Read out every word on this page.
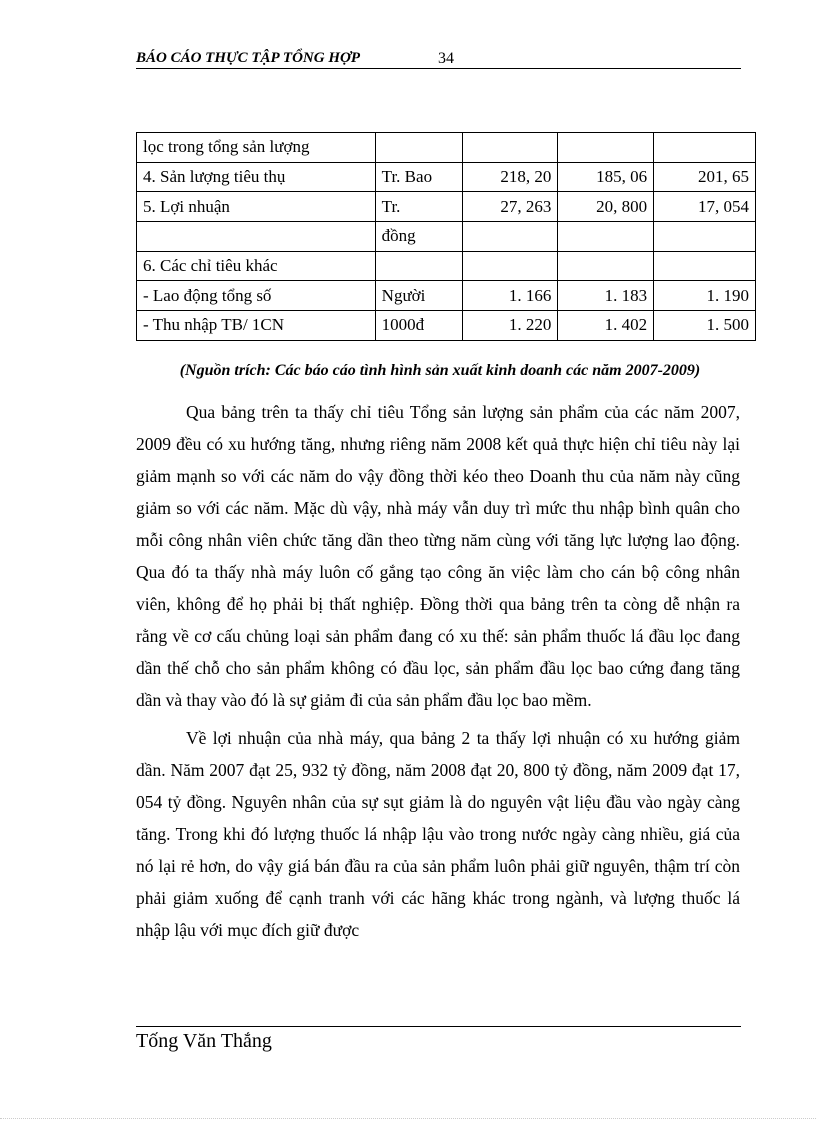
BÁO CÁO THỰC TẬP TỔNG HỢP	34
lọc trong tổng sản lượng				
4. Sản lượng tiêu thụ	Tr. Bao	218, 20	185, 06	201, 65
5. Lợi nhuận	Tr.	27, 263	20, 800	17, 054
	đồng			
6. Các chỉ tiêu khác				
- Lao động tổng số	Người	1. 166	1. 183	1. 190
- Thu nhập TB/ 1CN	1000đ	1. 220	1. 402	1. 500
(Nguồn trích: Các báo cáo tình hình sản xuất kinh doanh các năm 2007-2009)

Qua bảng trên ta thấy chỉ tiêu Tổng sản lượng sản phẩm của các năm 2007, 2009 đều có xu hướng tăng, nhưng riêng năm 2008 kết quả thực hiện chỉ tiêu này lại giảm mạnh so với các năm do vậy đồng thời kéo theo Doanh thu của năm này cũng giảm so với các năm. Mặc dù vậy, nhà máy vẫn duy trì mức thu nhập bình quân cho mỗi công nhân viên chức tăng dần theo từng năm cùng với tăng lực lượng lao động. Qua đó ta thấy nhà máy luôn cố gắng tạo công ăn việc làm cho cán bộ công nhân viên, không để họ phải bị thất nghiệp. Đồng thời qua bảng trên ta còng dễ nhận ra rằng về cơ cấu chủng loại sản phẩm đang có xu thế: sản phẩm thuốc lá đầu lọc đang dần thế chỗ cho sản phẩm không có đầu lọc, sản phẩm đầu lọc bao cứng đang tăng dần và thay vào đó là sự giảm đi của sản phẩm đầu lọc bao mềm.

Về lợi nhuận của nhà máy, qua bảng 2 ta thấy lợi nhuận có xu hướng giảm dần. Năm 2007 đạt 25, 932 tỷ đồng, năm 2008 đạt 20, 800 tỷ đồng, năm 2009 đạt 17, 054 tỷ đồng. Nguyên nhân của sự sụt giảm là do nguyên vật liệu đầu vào ngày càng tăng. Trong khi đó lượng thuốc lá nhập lậu vào trong nước ngày càng nhiều, giá của nó lại rẻ hơn, do vậy giá bán đầu ra của sản phẩm luôn phải giữ nguyên, thậm trí còn phải giảm xuống để cạnh tranh với các hãng khác trong ngành, và lượng thuốc lá nhập lậu với mục đích giữ được

Tống Văn Thắng
